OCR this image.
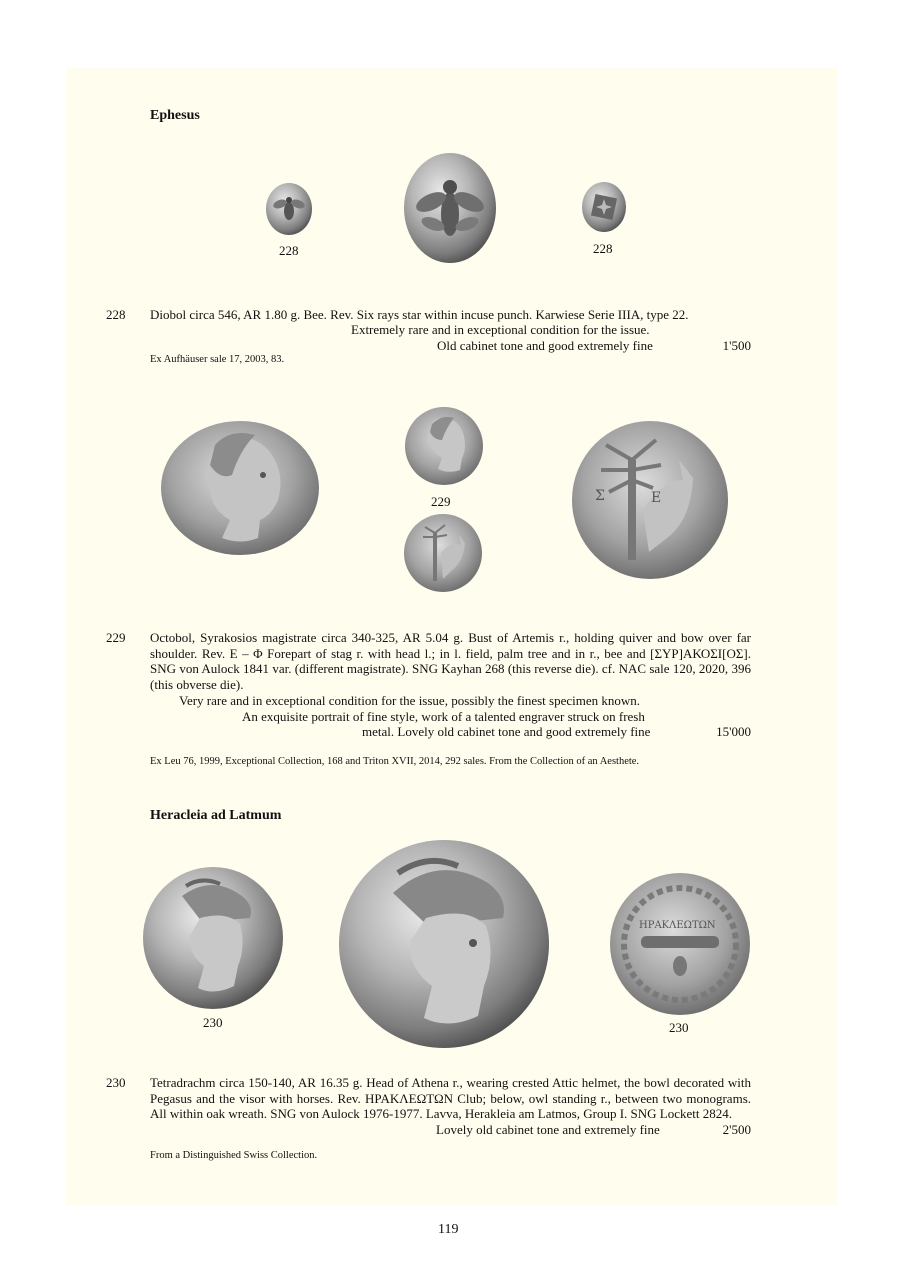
Ephesus
228	228
228 Diobol circa 546, AR 1.80 g. Bee. Rev. Six rays star within incuse punch. Karwiese Serie IIIA, type 22.
Extremely rare and in exceptional condition for the issue.
Old cabinet tone and good extremely fine	1'500
Ex Aufhäuser sale 17, 2003, 83.
Σ	Ε
229
229 Octobol, Syrakosios magistrate circa 340-325, AR 5.04 g. Bust of Artemis r., holding quiver and bow over far shoulder. Rev. Ε – Φ Forepart of stag r. with head l.; in l. field, palm tree and in r., bee and [ΣΥΡ]ΑΚΟΣΙ[ΟΣ]. SNG von Aulock 1841 var. (different magistrate). SNG Kayhan 268 (this reverse die). cf. NAC sale 120, 2020, 396 (this obverse die).
Very rare and in exceptional condition for the issue, possibly the finest specimen known.
An exquisite portrait of fine style, work of a talented engraver struck on fresh
metal. Lovely old cabinet tone and good extremely fine	15'000
Ex Leu 76, 1999, Exceptional Collection, 168 and Triton XVII, 2014, 292 sales. From the Collection of an Aesthete.
Heracleia ad Latmum
ΗΡΑΚΛΕΩΤΩΝ
230	230
230 Tetradrachm circa 150-140, AR 16.35 g. Head of Athena r., wearing crested Attic helmet, the bowl decorated with Pegasus and the visor with horses. Rev. ΗΡΑΚΛΕΩΤΩΝ Club; below, owl standing r., between two monograms. All within oak wreath. SNG von Aulock 1976-1977. Lavva, Herakleia am Latmos, Group I. SNG Lockett 2824.
Lovely old cabinet tone and extremely fine	2'500
From a Distinguished Swiss Collection.
119
